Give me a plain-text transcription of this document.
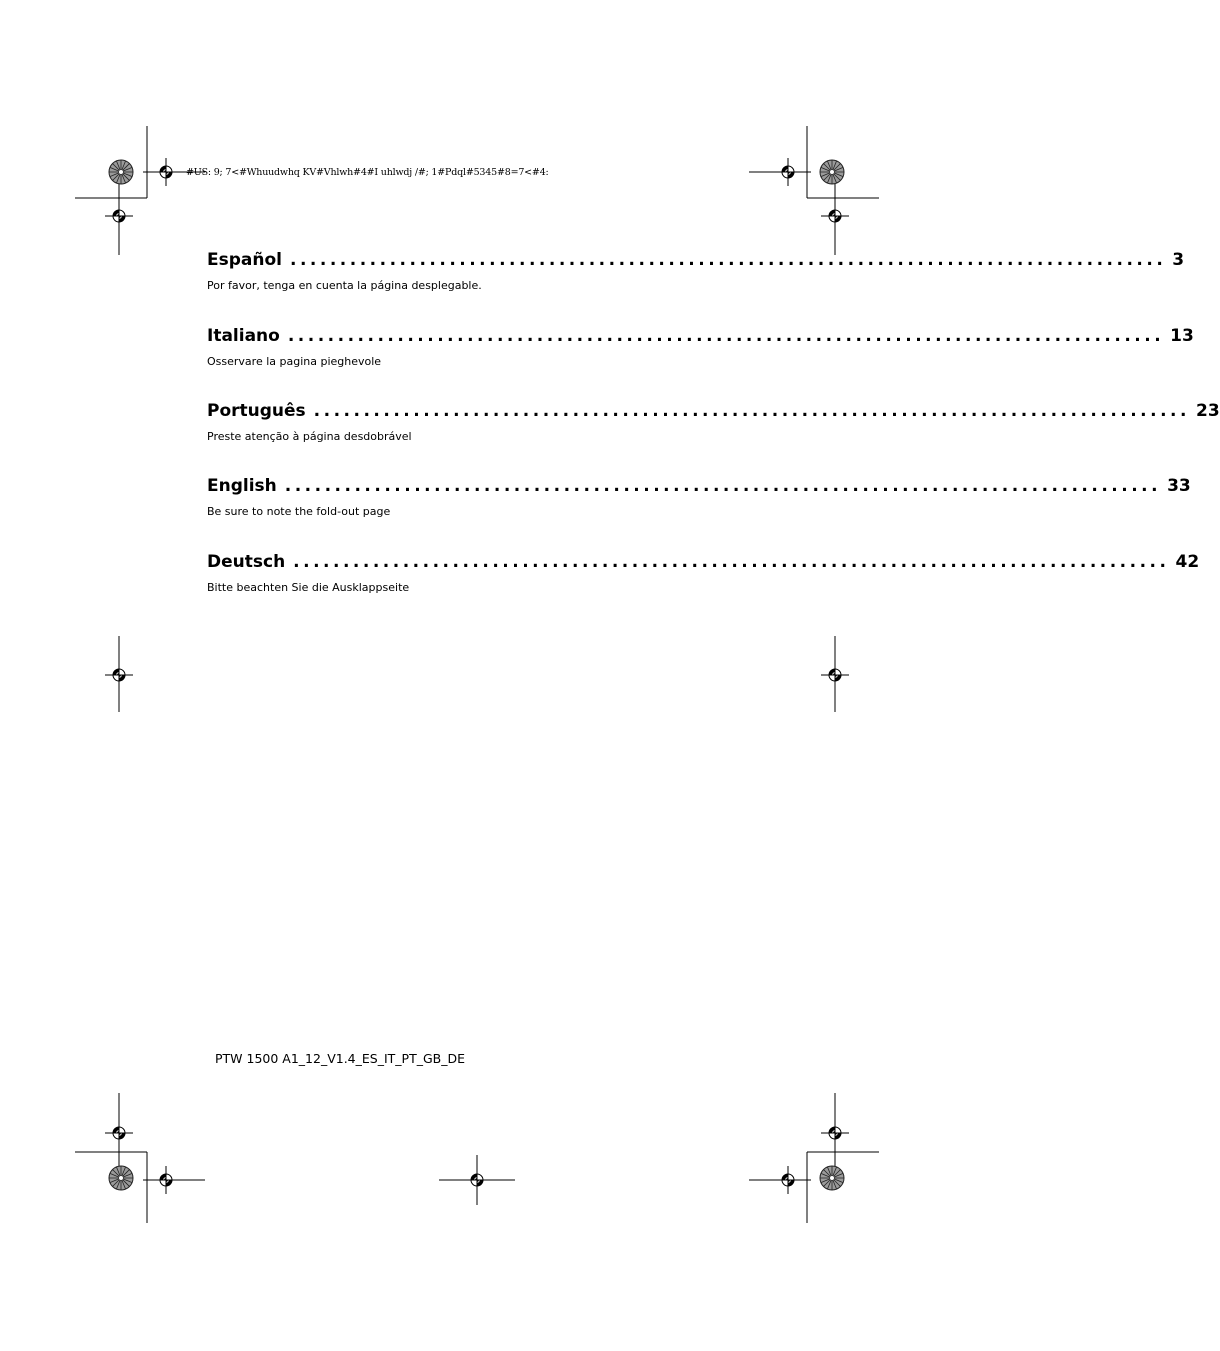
#US: 9; 7<#Whuudwhq KV#Vhlwh#4#I uhlwdj /#; 1#Pdql#5345#8=7<#4:
Español ........................................................................................ 3
Por favor, tenga en cuenta la página desplegable.
Italiano ........................................................................................ 13
Osservare la pagina pieghevole
Português ........................................................................................ 23
Preste atenção à página desdobrável
English ........................................................................................ 33
Be sure to note the fold-out page
Deutsch ........................................................................................ 42
Bitte beachten Sie die Ausklappseite
PTW 1500 A1_12_V1.4_ES_IT_PT_GB_DE
